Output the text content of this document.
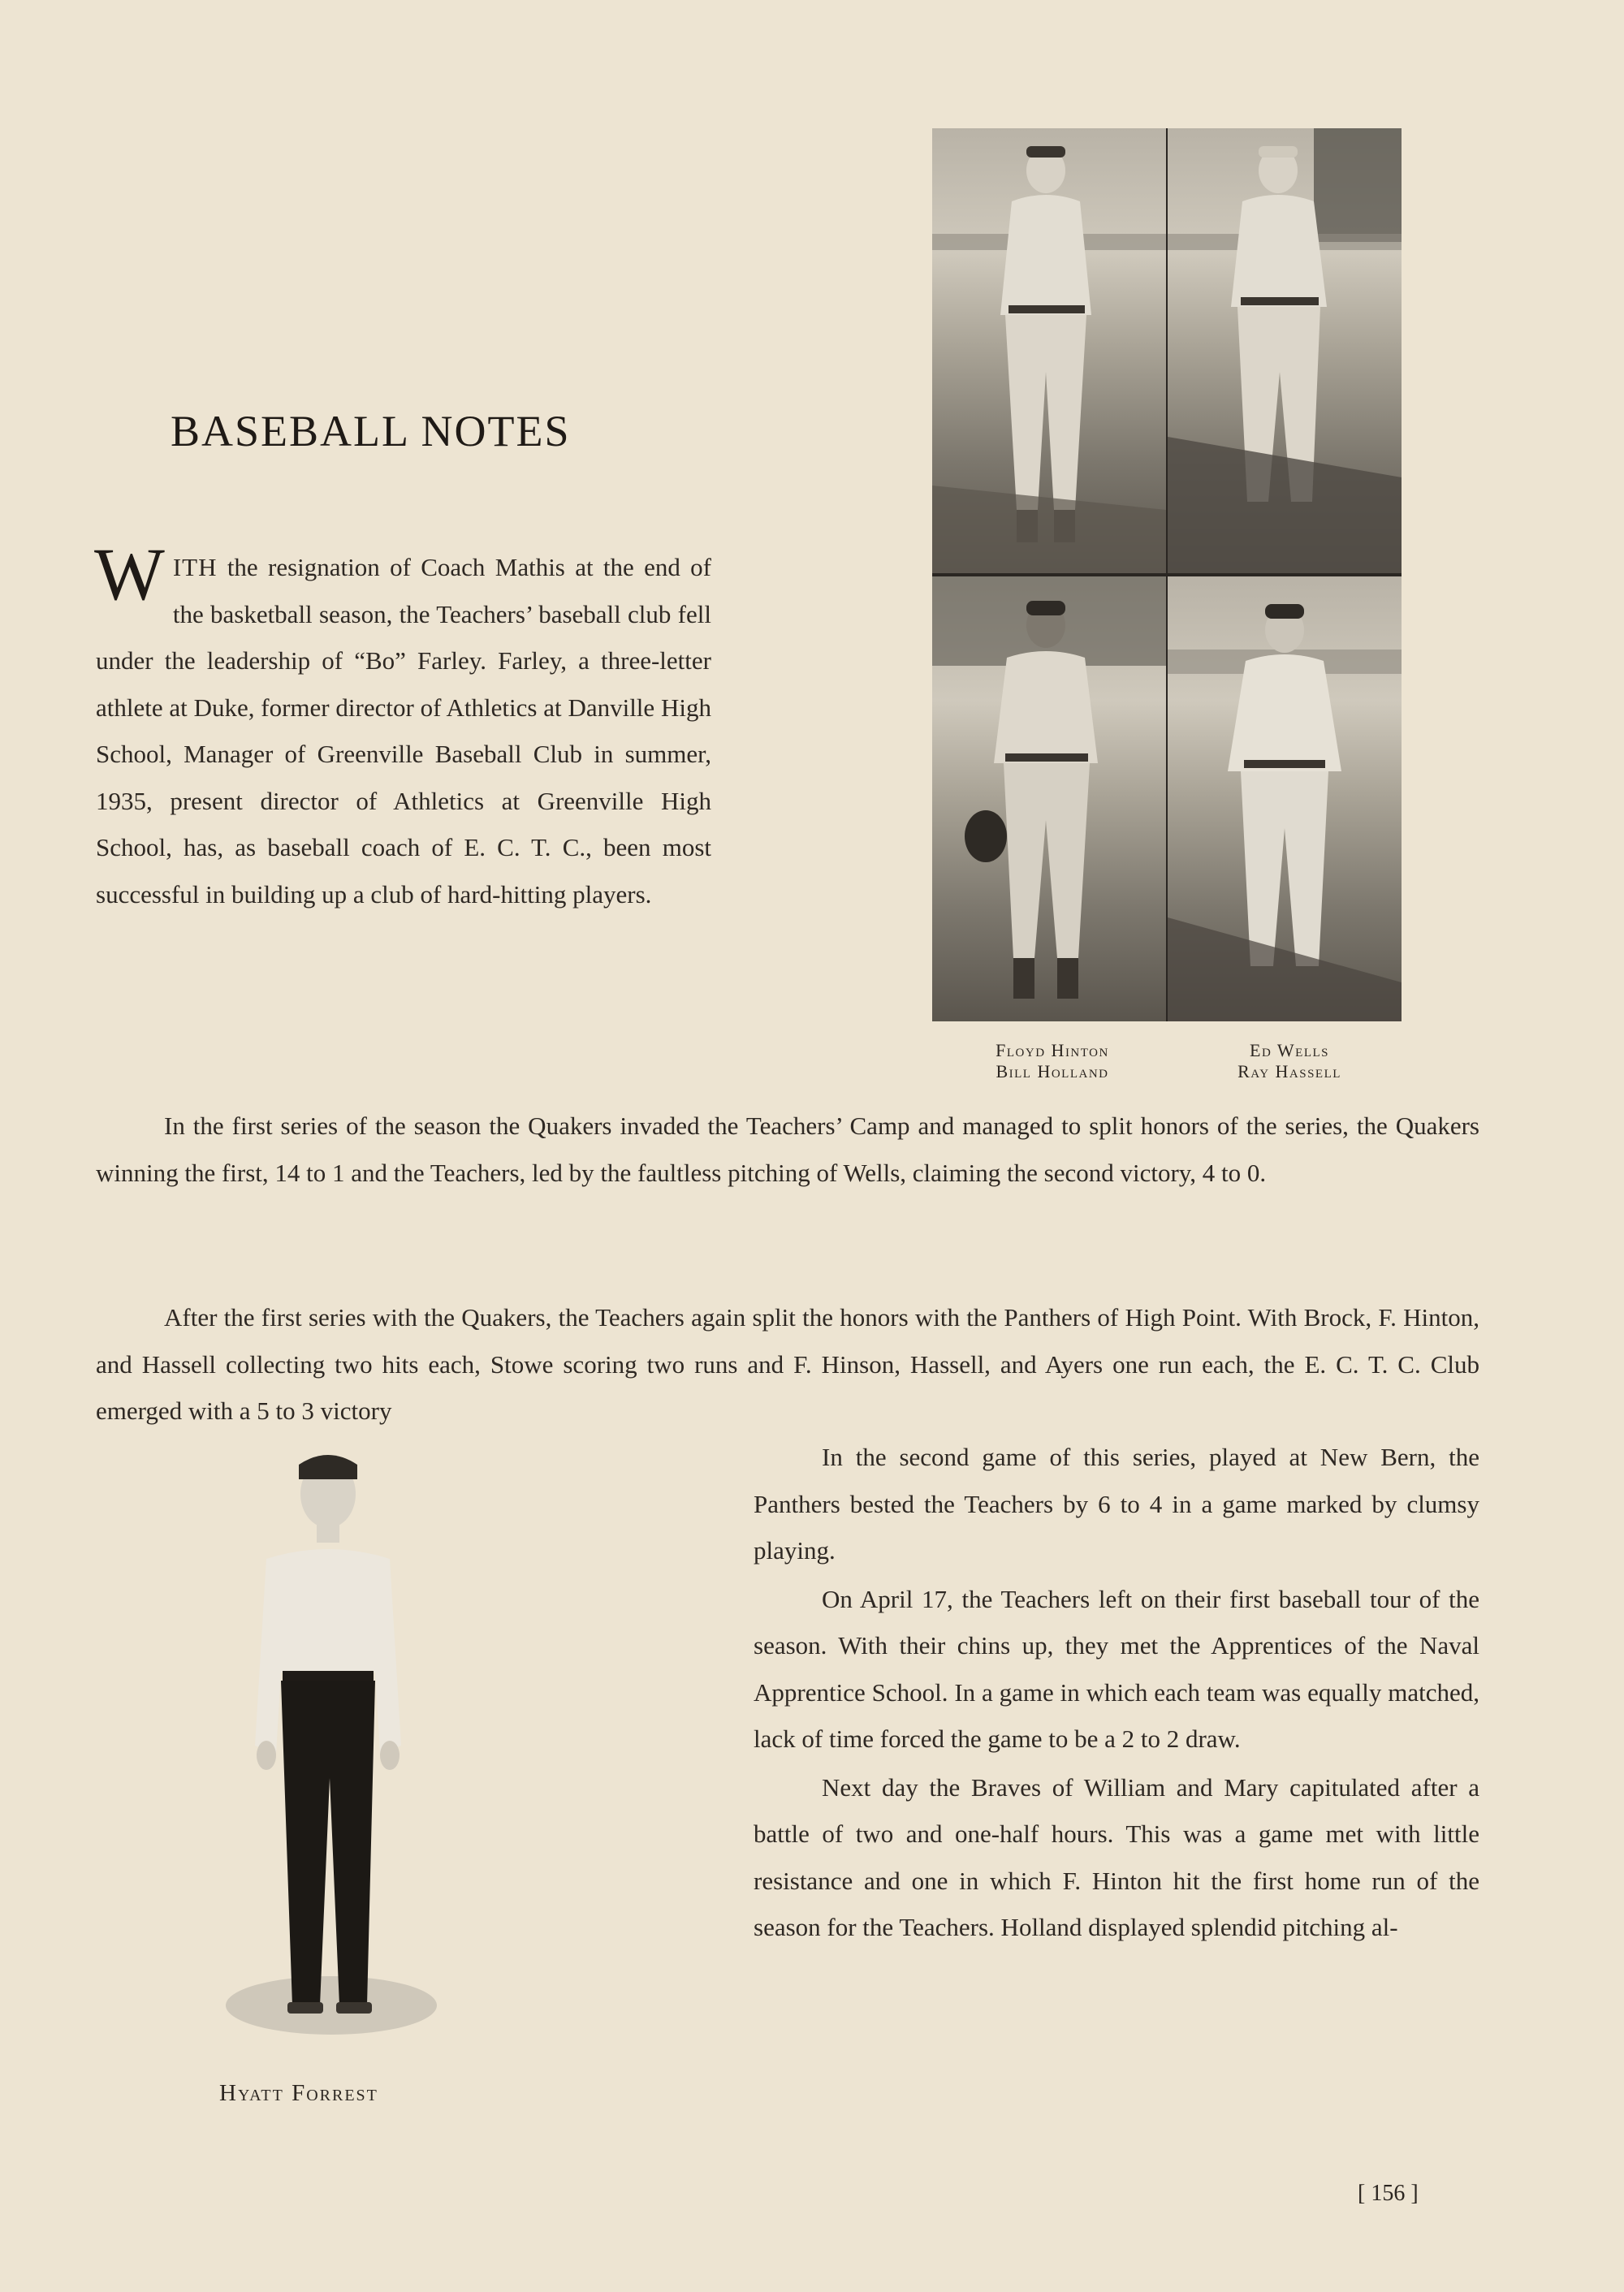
BASEBALL NOTES
WITH the resignation of Coach Mathis at the end of the basketball season, the Teachers’ baseball club fell under the leadership of “Bo” Farley. Farley, a three-letter athlete at Duke, former director of Athletics at Danville High School, Manager of Greenville Baseball Club in summer, 1935, present director of Athletics at Greenville High School, has, as baseball coach of E. C. T. C., been most successful in building up a club of hard-hitting players.
Floyd Hinton
Bill Holland
Ed Wells
Ray Hassell

In the first series of the season the Quakers invaded the Teachers’ Camp and managed to split honors of the series, the Quakers winning the first, 14 to 1 and the Teachers, led by the faultless pitching of Wells, claiming the second victory, 4 to 0.

After the first series with the Quakers, the Teachers again split the honors with the Panthers of High Point. With Brock, F. Hinton, and Hassell collecting two hits each, Stowe scoring two runs and F. Hinson, Hassell, and Ayers one run each, the E. C. T. C. Club emerged with a 5 to 3 victory

Hyatt Forrest

In the second game of this series, played at New Bern, the Panthers bested the Teachers by 6 to 4 in a game marked by clumsy playing.

On April 17, the Teachers left on their first baseball tour of the season. With their chins up, they met the Apprentices of the Naval Apprentice School. In a game in which each team was equally matched, lack of time forced the game to be a 2 to 2 draw.

Next day the Braves of William and Mary capitulated after a battle of two and one-half hours. This was a game met with little resistance and one in which F. Hinton hit the first home run of the season for the Teachers. Holland displayed splendid pitching al-

[ 156 ]
